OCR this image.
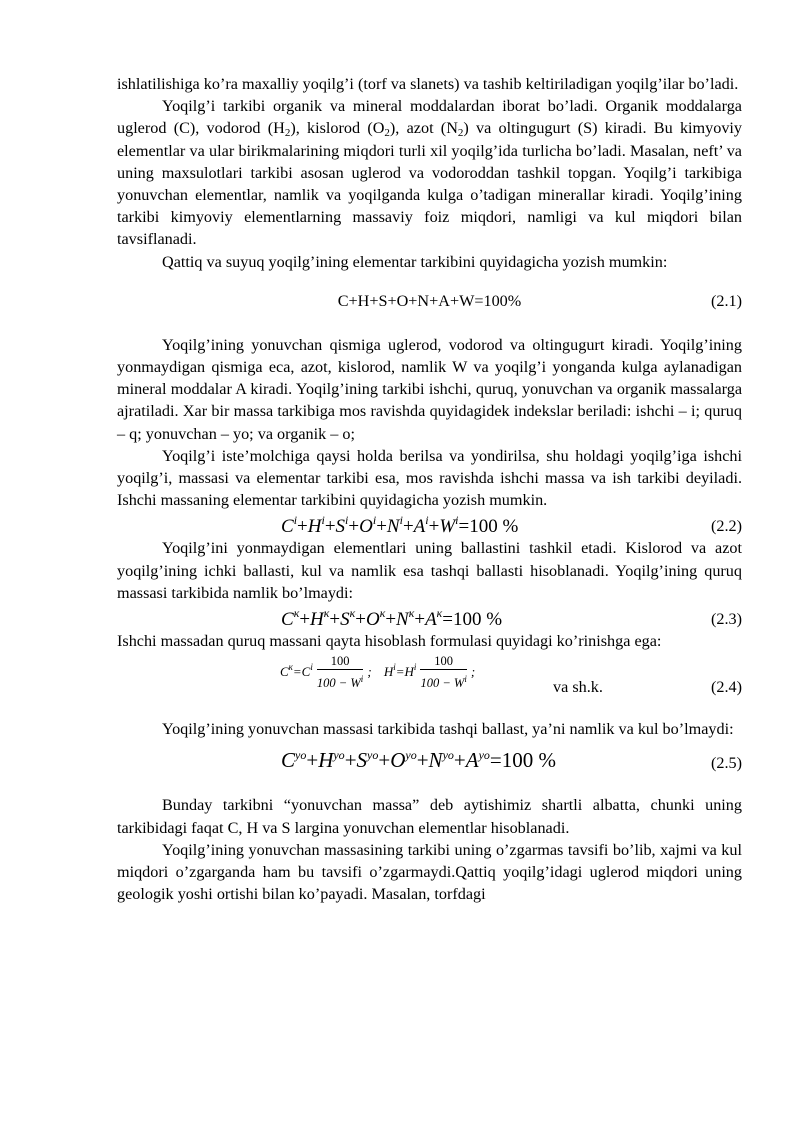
ishlatilishiga ko’ra maxalliy yoqilg’i (torf va slanets) va tashib keltiriladigan yoqilg’ilar bo’ladi.

Yoqilg’i tarkibi organik va mineral moddalardan iborat bo’ladi. Organik moddalarga uglerod (C), vodorod $(H_2)$, kislorod $(O_2)$, azot $(N_2)$ va oltingugurt (S) kiradi. Bu kimyoviy elementlar va ular birikmalarining miqdori turli xil yoqilg’ida turlicha bo’ladi. Masalan, neft’ va uning maxsulotlari tarkibi asosan uglerod va vodoroddan tashkil topgan. Yoqilg’i tarkibiga yonuvchan elementlar, namlik va yoqilganda kulga o’tadigan minerallar kiradi. Yoqilg’ining tarkibi kimyoviy elementlarning massaviy foiz miqdori, namligi va kul miqdori bilan tavsiflanadi.

Qattiq va suyuq yoqilg’ining elementar tarkibini quyidagicha yozish mumkin:

C+H+S+O+N+A+W=100%	(2.1)

Yoqilg’ining yonuvchan qismiga uglerod, vodorod va oltingugurt kiradi. Yoqilg’ining yonmaydigan qismiga eca, azot, kislorod, namlik W va yoqilg’i yonganda kulga aylanadigan mineral moddalar A kiradi. Yoqilg’ining tarkibi ishchi, quruq, yonuvchan va organik massalarga ajratiladi. Xar bir massa tarkibiga mos ravishda quyidagidek indekslar beriladi: ishchi – i; quruq – q; yonuvchan – yo; va organik – o;

Yoqilg’i iste’molchiga qaysi holda berilsa va yondirilsa, shu holdagi yoqilg’iga ishchi yoqilg’i, massasi va elementar tarkibi esa, mos ravishda ishchi massa va ish tarkibi deyiladi. Ishchi massaning elementar tarkibini quyidagicha yozish mumkin.

$C^i+H^i+S^i+O^i+N^i+A^i+W^i=100$ %	(2.2)

Yoqilg’ini yonmaydigan elementlari uning ballastini tashkil etadi. Kislorod va azot yoqilg’ining ichki ballasti, kul va namlik esa tashqi ballasti hisoblanadi. Yoqilg’ining quruq massasi tarkibida namlik bo’lmaydi:

$C^к+H^к+S^к+O^к+N^к+A^к=100$ %	(2.3)

Ishchi massadan quruq massani qayta hisoblash formulasi quyidagi ko’rinishga ega:

$C^к=C^i \frac{100}{100 - W^i}$ ; $H^i=H^i \frac{100}{100 - W^i}$ ;
va sh.k.	(2.4)

Yoqilg’ining yonuvchan massasi tarkibida tashqi ballast, ya’ni namlik va kul bo’lmaydi:

$C^{yo}+H^{yo}+S^{yo}+O^{yo}+N^{yo}+A^{yo}=100$ %	(2.5)

Bunday tarkibni “yonuvchan massa” deb aytishimiz shartli albatta, chunki uning tarkibidagi faqat C, H va S largina yonuvchan elementlar hisoblanadi.

Yoqilg’ining yonuvchan massasining tarkibi uning o’zgarmas tavsifi bo’lib, xajmi va kul miqdori o’zgarganda ham bu tavsifi o’zgarmaydi.Qattiq yoqilg’idagi uglerod miqdori uning geologik yoshi ortishi bilan ko’payadi. Masalan, torfdagi
